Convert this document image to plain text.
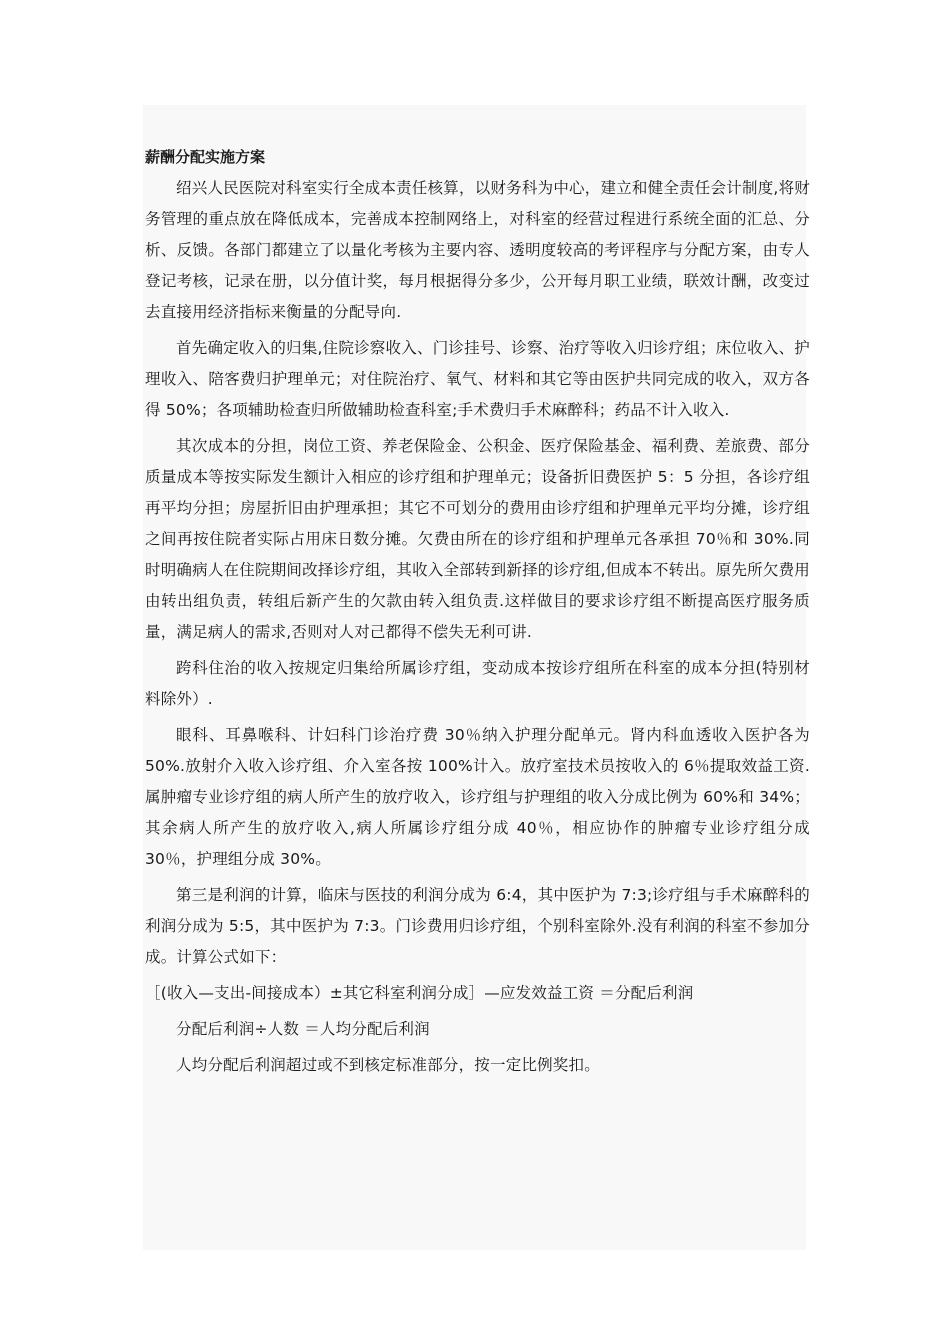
薪酬分配实施方案

绍兴人民医院对科室实行全成本责任核算，以财务科为中心，建立和健全责任会计制度,将财务管理的重点放在降低成本，完善成本控制网络上，对科室的经营过程进行系统全面的汇总、分析、反馈。各部门都建立了以量化考核为主要内容、透明度较高的考评程序与分配方案，由专人登记考核，记录在册，以分值计奖，每月根据得分多少，公开每月职工业绩，联效计酬，改变过去直接用经济指标来衡量的分配导向.

首先确定收入的归集,住院诊察收入、门诊挂号、诊察、治疗等收入归诊疗组；床位收入、护理收入、陪客费归护理单元；对住院治疗、氧气、材料和其它等由医护共同完成的收入，双方各得 50%；各项辅助检查归所做辅助检查科室;手术费归手术麻醉科；药品不计入收入.

其次成本的分担，岗位工资、养老保险金、公积金、医疗保险基金、福利费、差旅费、部分质量成本等按实际发生额计入相应的诊疗组和护理单元；设备折旧费医护 5：5 分担，各诊疗组再平均分担；房屋折旧由护理承担；其它不可划分的费用由诊疗组和护理单元平均分摊，诊疗组之间再按住院者实际占用床日数分摊。欠费由所在的诊疗组和护理单元各承担 70％和 30%.同时明确病人在住院期间改择诊疗组，其收入全部转到新择的诊疗组,但成本不转出。原先所欠费用由转出组负责，转组后新产生的欠款由转入组负责.这样做目的要求诊疗组不断提高医疗服务质量，满足病人的需求,否则对人对己都得不偿失无利可讲.

跨科住治的收入按规定归集给所属诊疗组，变动成本按诊疗组所在科室的成本分担(特别材料除外）.

眼科、耳鼻喉科、计妇科门诊治疗费 30％纳入护理分配单元。肾内科血透收入医护各为 50%.放射介入收入诊疗组、介入室各按 100%计入。放疗室技术员按收入的 6％提取效益工资.属肿瘤专业诊疗组的病人所产生的放疗收入，诊疗组与护理组的收入分成比例为 60%和 34%；其余病人所产生的放疗收入,病人所属诊疗组分成 40％，相应协作的肿瘤专业诊疗组分成 30％，护理组分成 30%。

第三是利润的计算，临床与医技的利润分成为 6:4，其中医护为 7:3;诊疗组与手术麻醉科的利润分成为 5:5，其中医护为 7:3。门诊费用归诊疗组，个别科室除外.没有利润的科室不参加分成。计算公式如下：

［(收入—支出-间接成本）±其它科室利润分成］—应发效益工资 ＝分配后利润

分配后利润÷人数 ＝人均分配后利润

人均分配后利润超过或不到核定标准部分，按一定比例奖扣。
